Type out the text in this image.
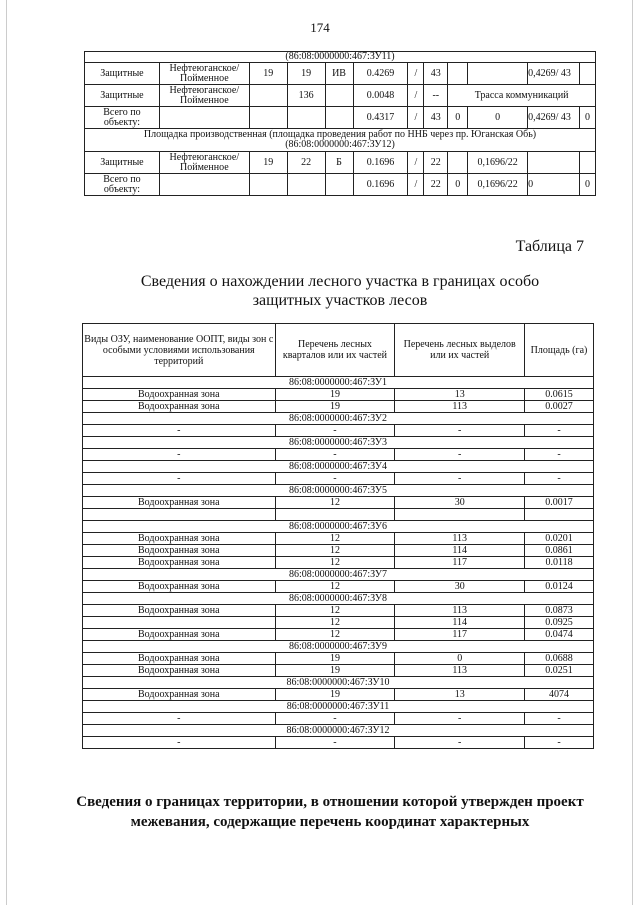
174
(86:08:0000000:467:ЗУ11)											
Защитные	Нефтеюганское/ Пойменное	19	19	ИВ	0.4269	/	43			0,4269/ 43	
Защитные	Нефтеюганское/ Пойменное		136		0.0048	/	--	Трасса коммуникаций			
Всего по объекту:					0.4317	/	43	0	0	0,4269/ 43	0
Площадка производственная (площадка проведения работ по ННБ через пр. Юганская Обь) (86:08:0000000:467:ЗУ12)											
Защитные	Нефтеюганское/ Пойменное	19	22	Б	0.1696	/	22		0,1696/22		
Всего по объекту:					0.1696	/	22	0	0,1696/22	0	0
Таблица 7
Сведения о нахождении лесного участка в границах особо защитных участков лесов
Виды ОЗУ, наименование ООПТ, виды зон с особыми условиями использования территорий	Перечень лесных кварталов или их частей	Перечень лесных выделов или их частей	Площадь (га)
86:08:0000000:467:ЗУ1			
Водоохранная зона	19	13	0.0615
Водоохранная зона	19	113	0.0027
86:08:0000000:467:ЗУ2			
-	-	-	-
86:08:0000000:467:ЗУ3			
-	-	-	-
86:08:0000000:467:ЗУ4			
-	-	-	-
86:08:0000000:467:ЗУ5			
Водоохранная зона	12	30	0.0017

86:08:0000000:467:ЗУ6			
Водоохранная зона	12	113	0.0201
Водоохранная зона	12	114	0.0861
Водоохранная зона	12	117	0.0118
86:08:0000000:467:ЗУ7			
Водоохранная зона	12	30	0.0124
86:08:0000000:467:ЗУ8			
Водоохранная зона	12	113	0.0873
	12	114	0.0925
Водоохранная зона	12	117	0.0474
86:08:0000000:467:ЗУ9			
Водоохранная зона	19	0	0.0688
Водоохранная зона	19	113	0.0251
86:08:0000000:467:ЗУ10			
Водоохранная зона	19	13	4074
86:08:0000000:467:ЗУ11			
-	-	-	-
86:08:0000000:467:ЗУ12			
-	-	-	-
Сведения о границах территории, в отношении которой утвержден проект межевания, содержащие перечень координат характерных
